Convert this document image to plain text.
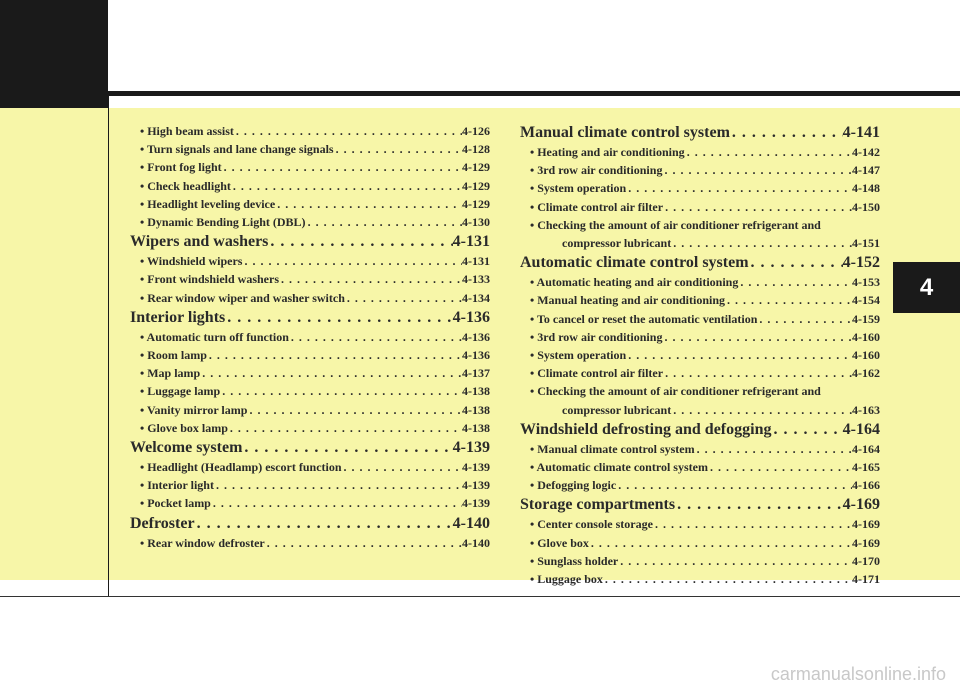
• High beam assist . . .	4-126
• Turn signals and lane change signals . . .	4-128
• Front fog light . . .	4-129
• Check headlight . . .	4-129
• Headlight leveling device . . .	4-129
• Dynamic Bending Light (DBL) . . .	4-130
Wipers and washers . . .	4-131
• Windshield wipers . . .	4-131
• Front windshield washers . . .	4-133
• Rear window wiper and washer switch . . .	4-134
Interior lights . . .	4-136
• Automatic turn off function . . .	4-136
• Room lamp . . .	4-136
• Map lamp . . .	4-137
• Luggage lamp . . .	4-138
• Vanity mirror lamp . . .	4-138
• Glove box lamp . . .	4-138
Welcome system . . .	4-139
• Headlight (Headlamp) escort function . . .	4-139
• Interior light . . .	4-139
• Pocket lamp . . .	4-139
Defroster . . .	4-140
• Rear window defroster . . .	4-140
Manual climate control system . . .	4-141
• Heating and air conditioning . . .	4-142
• 3rd row air conditioning . . .	4-147
• System operation . . .	4-148
• Climate control air filter . . .	4-150
• Checking the amount of air conditioner refrigerant and
compressor lubricant . . .	4-151
Automatic climate control system . . .	4-152
• Automatic heating and air conditioning . . .	4-153
• Manual heating and air conditioning . . .	4-154
• To cancel or reset the automatic ventilation . . .	4-159
• 3rd row air conditioning . . .	4-160
• System operation . . .	4-160
• Climate control air filter . . .	4-162
• Checking the amount of air conditioner refrigerant and
compressor lubricant . . .	4-163
Windshield defrosting and defogging . . .	4-164
• Manual climate control system . . .	4-164
• Automatic climate control system . . .	4-165
• Defogging logic . . .	4-166
Storage compartments . . .	4-169
• Center console storage . . .	4-169
• Glove box . . .	4-169
• Sunglass holder . . .	4-170
• Luggage box . . .	4-171
4
carmanualsonline.info
